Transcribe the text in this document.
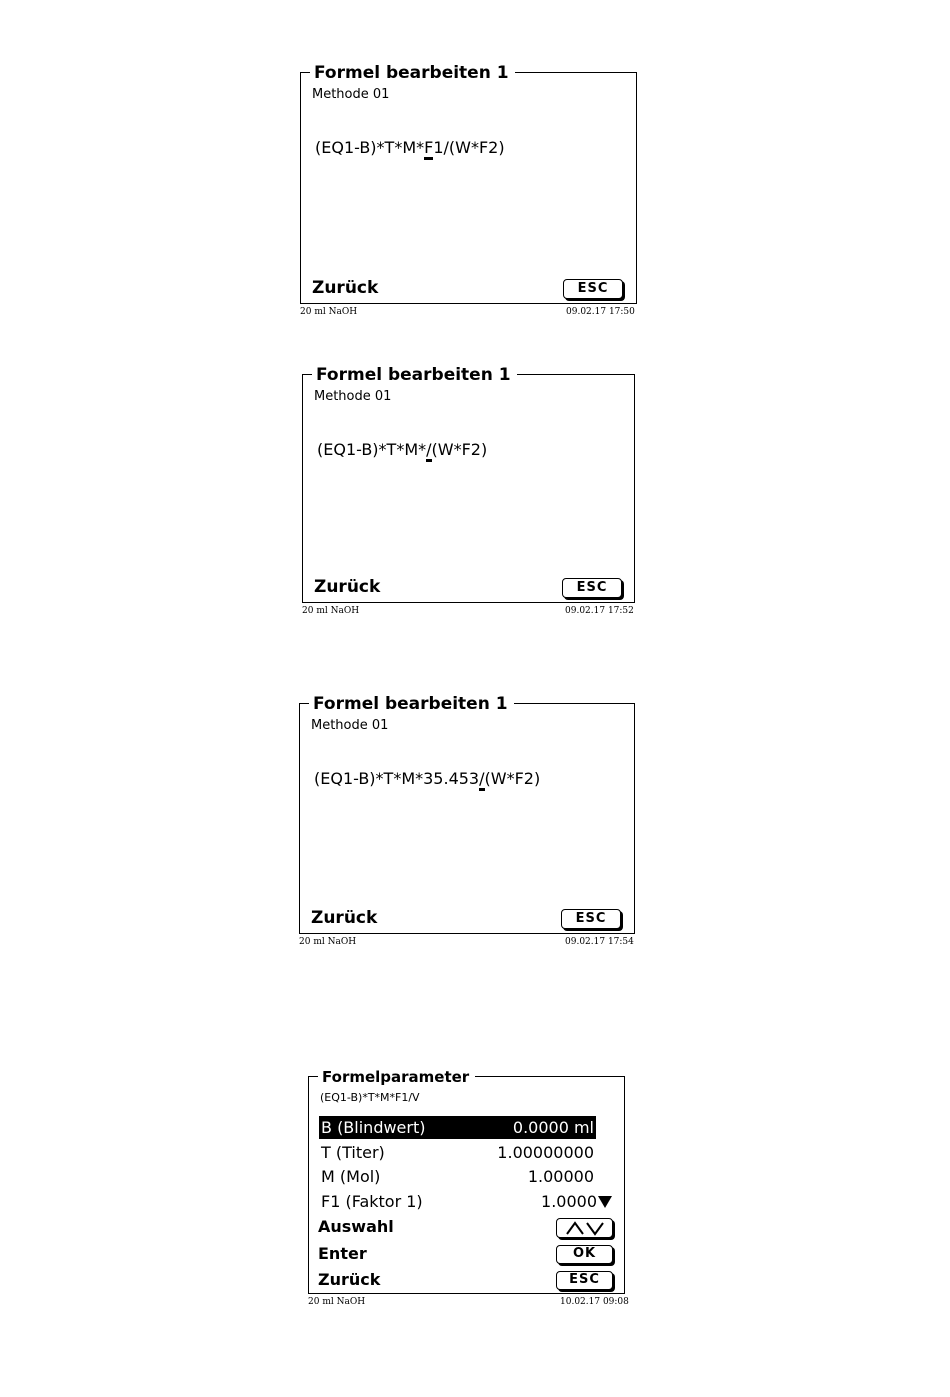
Formel bearbeiten 1
Methode 01
(EQ1-B)*T*M*F1/(W*F2)
Zurück	ESC
20 ml NaOH	09.02.17 17:50
Formel bearbeiten 1
Methode 01
(EQ1-B)*T*M*/(W*F2)
Zurück	ESC
20 ml NaOH	09.02.17 17:52
Formel bearbeiten 1
Methode 01
(EQ1-B)*T*M*35.453/(W*F2)
Zurück	ESC
20 ml NaOH	09.02.17 17:54
Formelparameter
(EQ1-B)*T*M*F1/V
B (Blindwert)	0.0000 ml
T (Titer)	1.00000000
M (Mol)	1.00000
F1 (Faktor 1)	1.0000
Auswahl
Enter	OK
Zurück	ESC
20 ml NaOH	10.02.17 09:08
